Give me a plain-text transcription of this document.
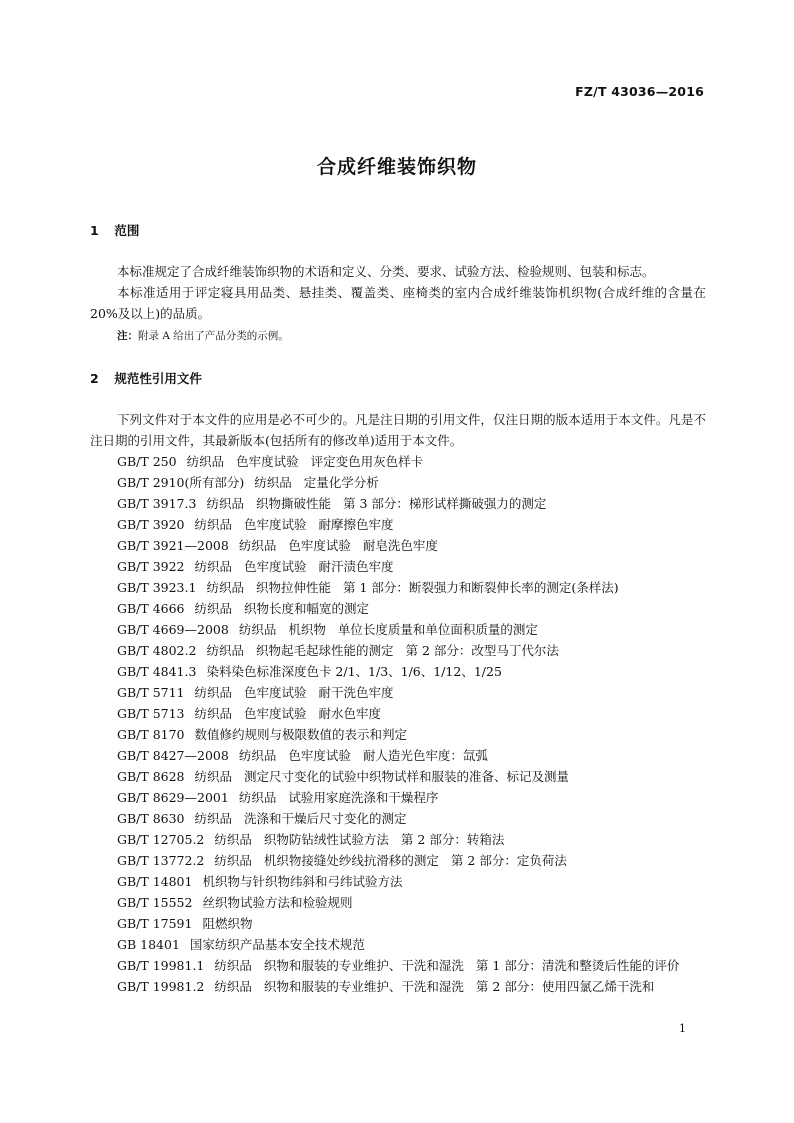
FZ/T 43036—2016
合成纤维装饰织物
1 范围

本标准规定了合成纤维装饰织物的术语和定义、分类、要求、试验方法、检验规则、包装和标志。

本标准适用于评定寝具用品类、悬挂类、覆盖类、座椅类的室内合成纤维装饰机织物(合成纤维的含量在 20%及以上)的品质。

注：附录 A 给出了产品分类的示例。
2 规范性引用文件

下列文件对于本文件的应用是必不可少的。凡是注日期的引用文件，仅注日期的版本适用于本文件。凡是不注日期的引用文件，其最新版本(包括所有的修改单)适用于本文件。

GB/T 250 纺织品 色牢度试验 评定变色用灰色样卡
GB/T 2910(所有部分) 纺织品 定量化学分析
GB/T 3917.3 纺织品 织物撕破性能 第 3 部分：梯形试样撕破强力的测定
GB/T 3920 纺织品 色牢度试验 耐摩擦色牢度
GB/T 3921—2008 纺织品 色牢度试验 耐皂洗色牢度
GB/T 3922 纺织品 色牢度试验 耐汗渍色牢度
GB/T 3923.1 纺织品 织物拉伸性能 第 1 部分：断裂强力和断裂伸长率的测定(条样法)
GB/T 4666 纺织品 织物长度和幅宽的测定
GB/T 4669—2008 纺织品 机织物 单位长度质量和单位面积质量的测定
GB/T 4802.2 纺织品 织物起毛起球性能的测定 第 2 部分：改型马丁代尔法
GB/T 4841.3 染料染色标准深度色卡 2/1、1/3、1/6、1/12、1/25
GB/T 5711 纺织品 色牢度试验 耐干洗色牢度
GB/T 5713 纺织品 色牢度试验 耐水色牢度
GB/T 8170 数值修约规则与极限数值的表示和判定
GB/T 8427—2008 纺织品 色牢度试验 耐人造光色牢度：氙弧
GB/T 8628 纺织品 测定尺寸变化的试验中织物试样和服装的准备、标记及测量
GB/T 8629—2001 纺织品 试验用家庭洗涤和干燥程序
GB/T 8630 纺织品 洗涤和干燥后尺寸变化的测定
GB/T 12705.2 纺织品 织物防钻绒性试验方法 第 2 部分：转箱法
GB/T 13772.2 纺织品 机织物接缝处纱线抗滑移的测定 第 2 部分：定负荷法
GB/T 14801 机织物与针织物纬斜和弓纬试验方法
GB/T 15552 丝织物试验方法和检验规则
GB/T 17591 阻燃织物
GB 18401 国家纺织产品基本安全技术规范
GB/T 19981.1 纺织品 织物和服装的专业维护、干洗和湿洗 第 1 部分：清洗和整烫后性能的评价
GB/T 19981.2 纺织品 织物和服装的专业维护、干洗和湿洗 第 2 部分：使用四氯乙烯干洗和
1
